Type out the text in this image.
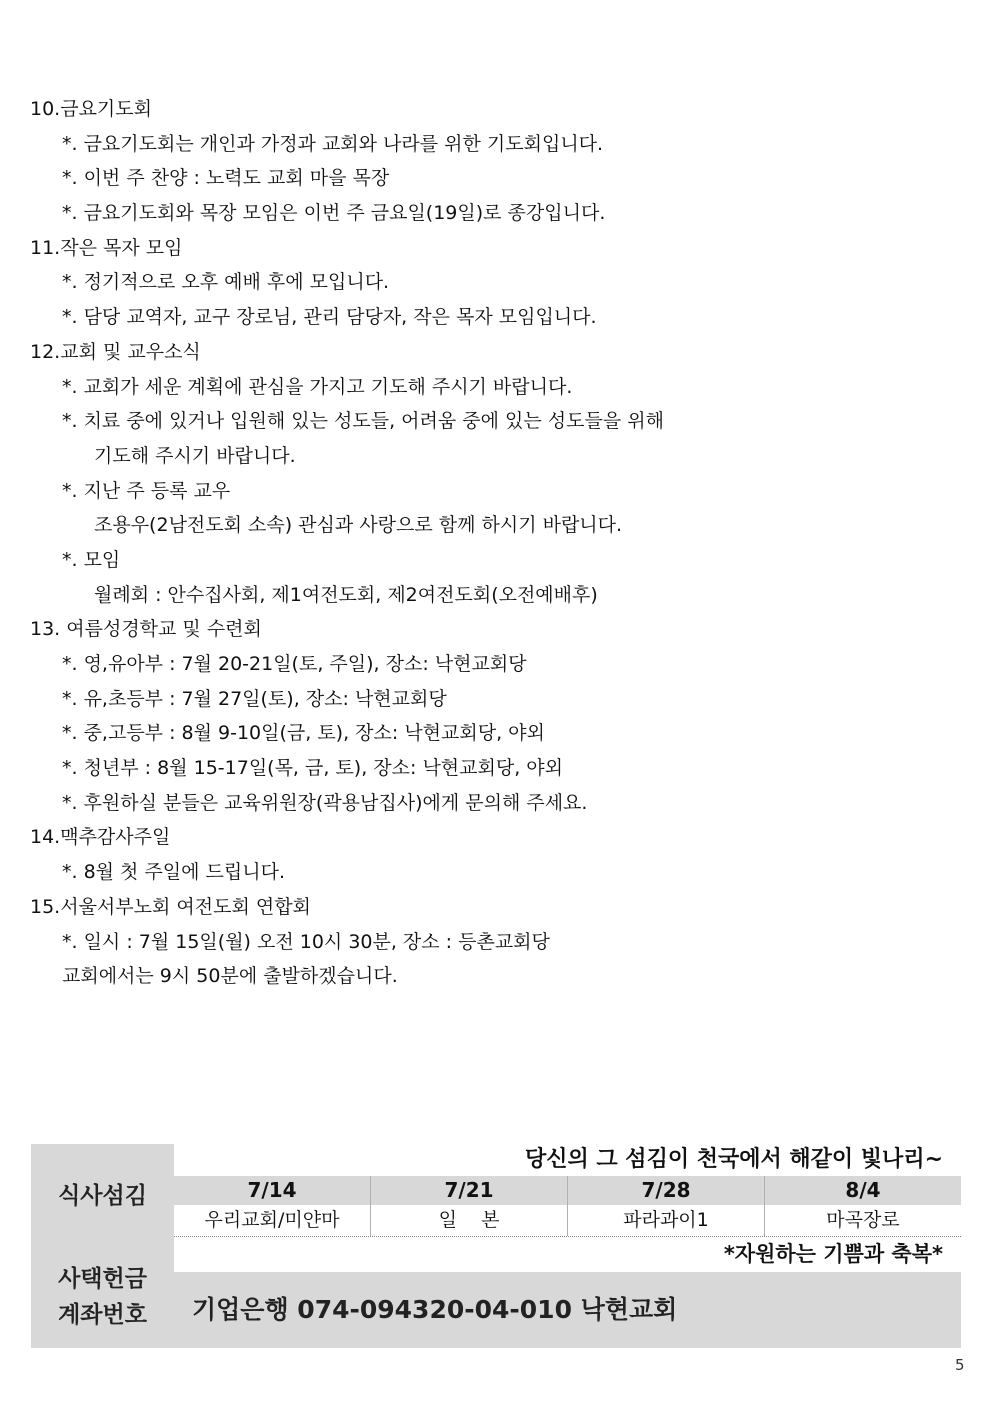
10.금요기도회
*. 금요기도회는 개인과 가정과 교회와 나라를 위한 기도회입니다.
*. 이번 주 찬양 : 노력도 교회 마을 목장
*. 금요기도회와 목장 모임은 이번 주 금요일(19일)로 종강입니다.
11.작은 목자 모임
*. 정기적으로 오후 예배 후에 모입니다.
*. 담당 교역자, 교구 장로님, 관리 담당자, 작은 목자 모임입니다.
12.교회 및 교우소식
*. 교회가 세운 계획에 관심을 가지고 기도해 주시기 바랍니다.
*. 치료 중에 있거나 입원해 있는 성도들, 어려움 중에 있는 성도들을 위해
기도해 주시기 바랍니다.
*. 지난 주 등록 교우
조용우(2남전도회 소속) 관심과 사랑으로 함께 하시기 바랍니다.
*. 모임
월례회 : 안수집사회, 제1여전도회, 제2여전도회(오전예배후)
13. 여름성경학교 및 수련회
*. 영,유아부 : 7월 20-21일(토, 주일), 장소: 낙현교회당
*. 유,초등부 : 7월 27일(토), 장소: 낙현교회당
*. 중,고등부 : 8월 9-10일(금, 토), 장소: 낙현교회당, 야외
*. 청년부 : 8월 15-17일(목, 금, 토), 장소: 낙현교회당, 야외
*. 후원하실 분들은 교육위원장(곽용남집사)에게 문의해 주세요.
14.맥추감사주일
*. 8월 첫 주일에 드립니다.
15.서울서부노회 여전도회 연합회
*. 일시 : 7월 15일(월) 오전 10시 30분, 장소 : 등촌교회당
교회에서는 9시 50분에 출발하겠습니다.
식사섬김
사택헌금
계좌번호
당신의 그 섬김이 천국에서 해같이 빛나리~
7/14	7/21	7/28	8/4
우리교회/미얀마	일    본	파라과이1	마곡장로
*자원하는 기쁨과 축복*
기업은행 074-094320-04-010 낙현교회
5
